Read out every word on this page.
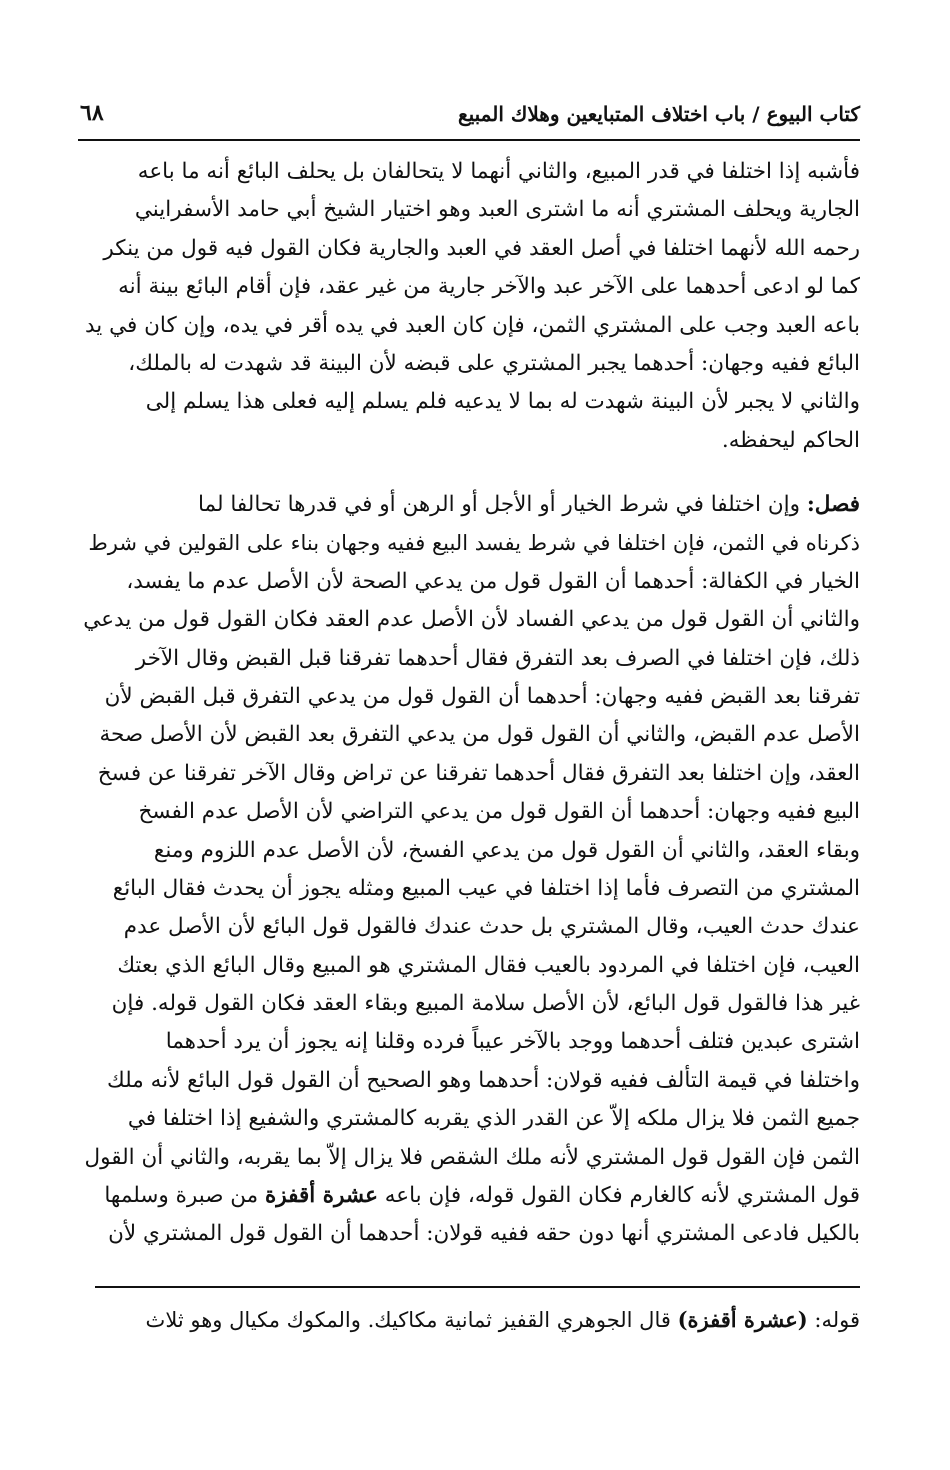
كتاب البيوع / باب اختلاف المتبايعين وهلاك المبيع
٦٨
فأشبه إذا اختلفا في قدر المبيع، والثاني أنهما لا يتحالفان بل يحلف البائع أنه ما باعه
الجارية ويحلف المشتري أنه ما اشترى العبد وهو اختيار الشيخ أبي حامد الأسفرايني
رحمه الله لأنهما اختلفا في أصل العقد في العبد والجارية فكان القول فيه قول من ينكر
كما لو ادعى أحدهما على الآخر عبد والآخر جارية من غير عقد، فإن أقام البائع بينة أنه
باعه العبد وجب على المشتري الثمن، فإن كان العبد في يده أقر في يده، وإن كان في يد
البائع ففيه وجهان: أحدهما يجبر المشتري على قبضه لأن البينة قد شهدت له بالملك،
والثاني لا يجبر لأن البينة شهدت له بما لا يدعيه فلم يسلم إليه فعلى هذا يسلم إلى
الحاكم ليحفظه.
فصل: وإن اختلفا في شرط الخيار أو الأجل أو الرهن أو في قدرها تحالفا لما
ذكرناه في الثمن، فإن اختلفا في شرط يفسد البيع ففيه وجهان بناء على القولين في شرط
الخيار في الكفالة: أحدهما أن القول قول من يدعي الصحة لأن الأصل عدم ما يفسد،
والثاني أن القول قول من يدعي الفساد لأن الأصل عدم العقد فكان القول قول من يدعي
ذلك، فإن اختلفا في الصرف بعد التفرق فقال أحدهما تفرقنا قبل القبض وقال الآخر
تفرقنا بعد القبض ففيه وجهان: أحدهما أن القول قول من يدعي التفرق قبل القبض لأن
الأصل عدم القبض، والثاني أن القول قول من يدعي التفرق بعد القبض لأن الأصل صحة
العقد، وإن اختلفا بعد التفرق فقال أحدهما تفرقنا عن تراض وقال الآخر تفرقنا عن فسخ
البيع ففيه وجهان: أحدهما أن القول قول من يدعي التراضي لأن الأصل عدم الفسخ
وبقاء العقد، والثاني أن القول قول من يدعي الفسخ، لأن الأصل عدم اللزوم ومنع
المشتري من التصرف فأما إذا اختلفا في عيب المبيع ومثله يجوز أن يحدث فقال البائع
عندك حدث العيب، وقال المشتري بل حدث عندك فالقول قول البائع لأن الأصل عدم
العيب، فإن اختلفا في المردود بالعيب فقال المشتري هو المبيع وقال البائع الذي بعتك
غير هذا فالقول قول البائع، لأن الأصل سلامة المبيع وبقاء العقد فكان القول قوله. فإن
اشترى عبدين فتلف أحدهما ووجد بالآخر عيباً فرده وقلنا إنه يجوز أن يرد أحدهما
واختلفا في قيمة التألف ففيه قولان: أحدهما وهو الصحيح أن القول قول البائع لأنه ملك
جميع الثمن فلا يزال ملكه إلاّ عن القدر الذي يقربه كالمشتري والشفيع إذا اختلفا في
الثمن فإن القول قول المشتري لأنه ملك الشقص فلا يزال إلاّ بما يقربه، والثاني أن القول
قول المشتري لأنه كالغارم فكان القول قوله، فإن باعه عشرة أقفزة من صبرة وسلمها
بالكيل فادعى المشتري أنها دون حقه ففيه قولان: أحدهما أن القول قول المشتري لأن
قوله: (عشرة أقفزة) قال الجوهري القفيز ثمانية مكاكيك. والمكوك مكيال وهو ثلاث
